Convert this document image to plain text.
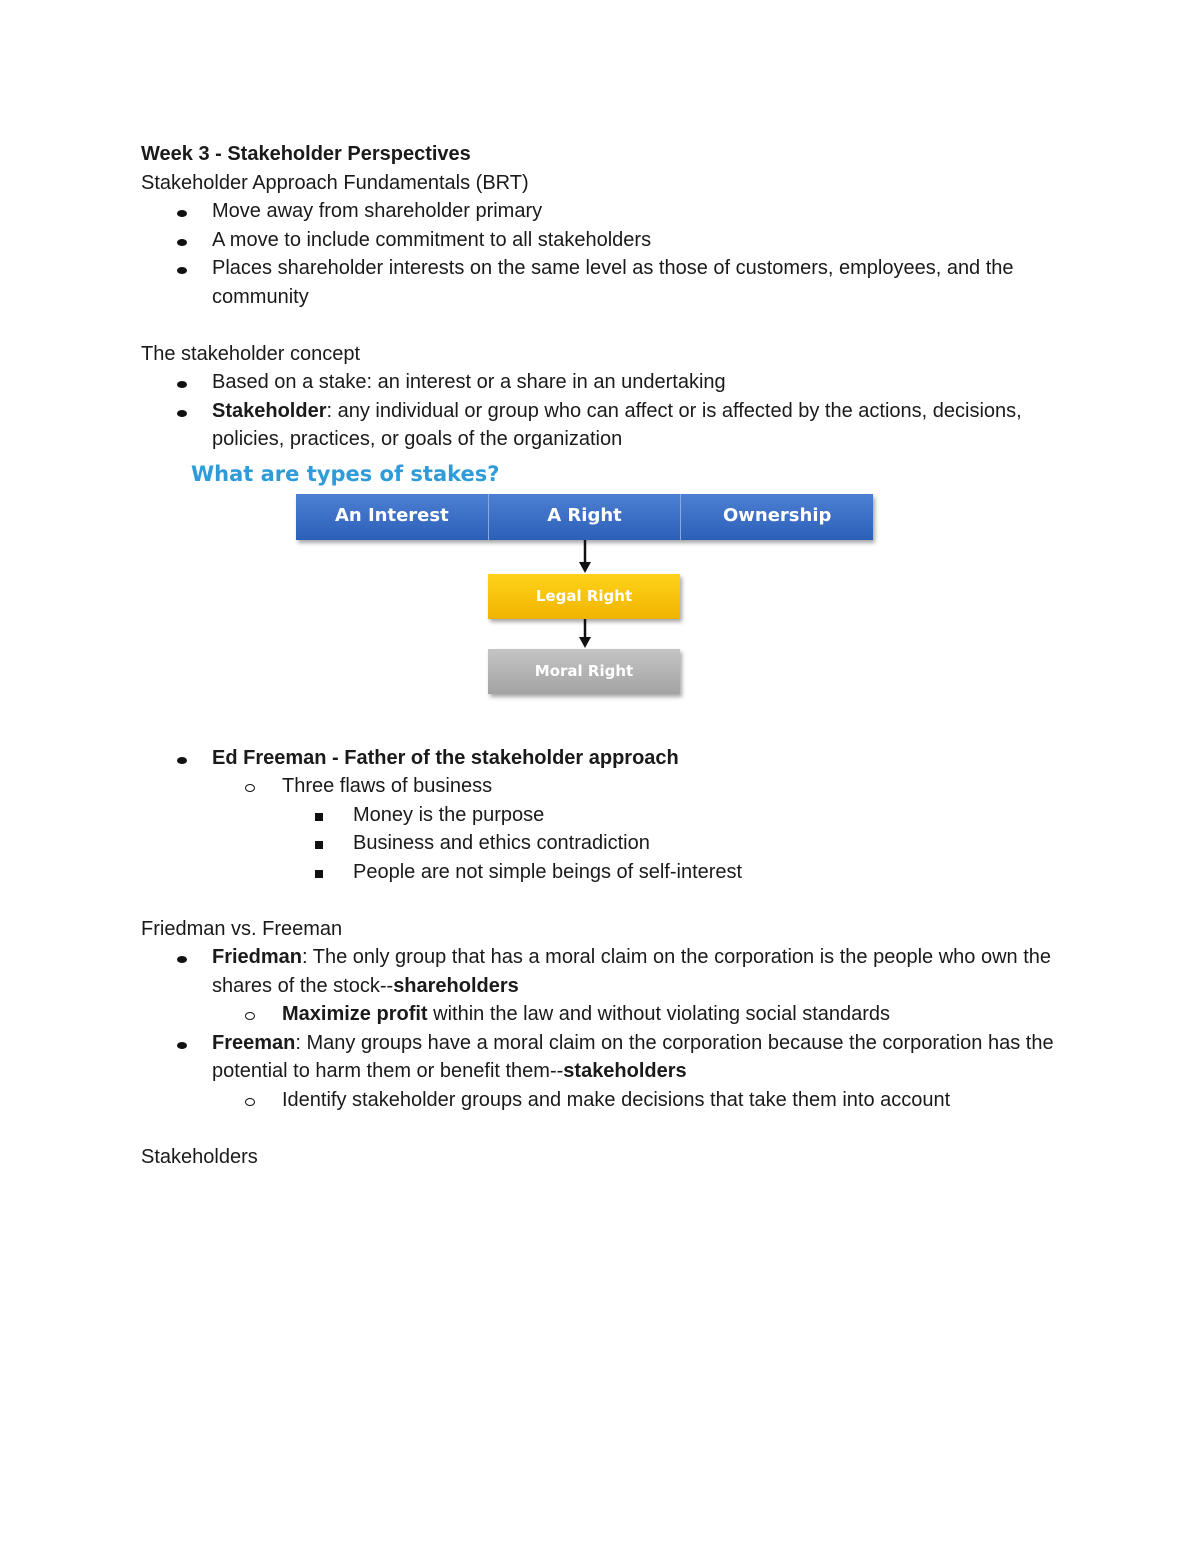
Week 3 - Stakeholder Perspectives

Stakeholder Approach Fundamentals (BRT)

Move away from shareholder primary
A move to include commitment to all stakeholders
Places shareholder interests on the same level as those of customers, employees, and the community

The stakeholder concept

Based on a stake: an interest or a share in an undertaking
Stakeholder: any individual or group who can affect or is affected by the actions, decisions, policies, practices, or goals of the organization
What are types of stakes?
An Interest	A Right	Ownership
Legal Right
Moral Right
Ed Freeman - Father of the stakeholder approach
Three flaws of business
Money is the purpose
Business and ethics contradiction
People are not simple beings of self-interest

Friedman vs. Freeman

Friedman: The only group that has a moral claim on the corporation is the people who own the shares of the stock--shareholders
Maximize profit within the law and without violating social standards
Freeman: Many groups have a moral claim on the corporation because the corporation has the potential to harm them or benefit them--stakeholders
Identify stakeholder groups and make decisions that take them into account

Stakeholders
